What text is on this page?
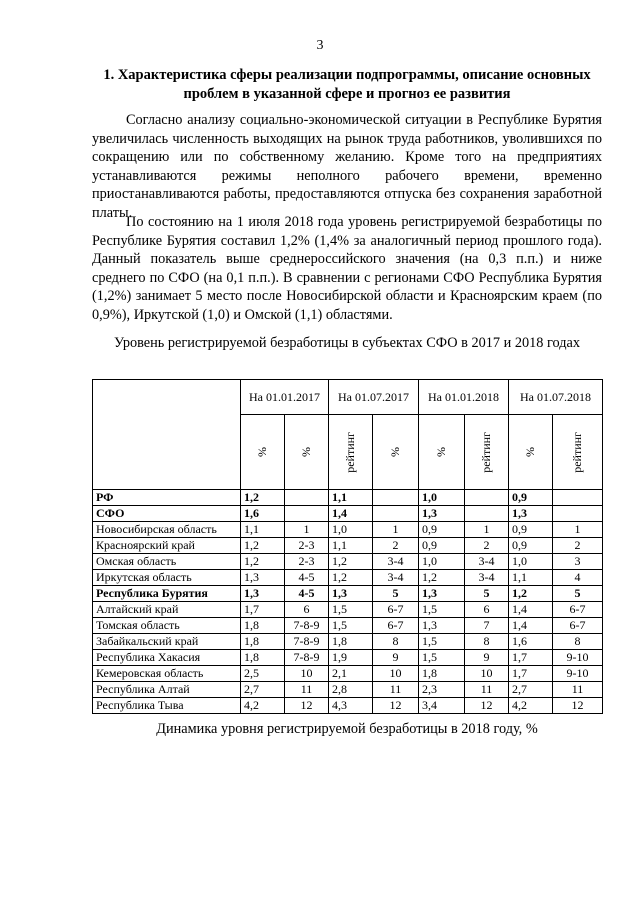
3
1. Характеристика сферы реализации подпрограммы, описание основных проблем в указанной сфере и прогноз ее развития

Согласно анализу социально-экономической ситуации в Республике Бурятия увеличилась численность выходящих на рынок труда работников, уволившихся по сокращению или по собственному желанию. Кроме того на предприятиях устанавливаются режимы неполного рабочего времени, временно приостанавливаются работы, предоставляются отпуска без сохранения заработной платы.

По состоянию на 1 июля 2018 года уровень регистрируемой безработицы по Республике Бурятия составил 1,2% (1,4% за аналогичный период прошлого года). Данный показатель выше среднероссийского значения (на 0,3 п.п.) и ниже среднего по СФО (на 0,1 п.п.). В сравнении с регионами СФО Республика Бурятия (1,2%) занимает 5 место после Новосибирской области и Красноярским краем (по 0,9%), Иркутской (1,0) и Омской (1,1) областями.

Уровень регистрируемой безработицы в субъектах СФО в 2017 и 2018 годах
	На 01.01.2017		На 01.07.2017		На 01.01.2018		На 01.07.2018	

	%	%	рейтинг	%	%	рейтинг	%	рейтинг

РФ	1,2		1,1		1,0		0,9	
СФО	1,6		1,4		1,3		1,3	
Новосибирская область	1,1	1	1,0	1	0,9	1	0,9	1
Красноярский край	1,2	2-3	1,1	2	0,9	2	0,9	2
Омская область	1,2	2-3	1,2	3-4	1,0	3-4	1,0	3
Иркутская область	1,3	4-5	1,2	3-4	1,2	3-4	1,1	4
Республика Бурятия	1,3	4-5	1,3	5	1,3	5	1,2	5
Алтайский край	1,7	6	1,5	6-7	1,5	6	1,4	6-7
Томская область	1,8	7-8-9	1,5	6-7	1,3	7	1,4	6-7
Забайкальский край	1,8	7-8-9	1,8	8	1,5	8	1,6	8
Республика Хакасия	1,8	7-8-9	1,9	9	1,5	9	1,7	9-10
Кемеровская область	2,5	10	2,1	10	1,8	10	1,7	9-10
Республика Алтай	2,7	11	2,8	11	2,3	11	2,7	11
Республика Тыва	4,2	12	4,3	12	3,4	12	4,2	12
Динамика уровня регистрируемой безработицы в 2018 году, %
